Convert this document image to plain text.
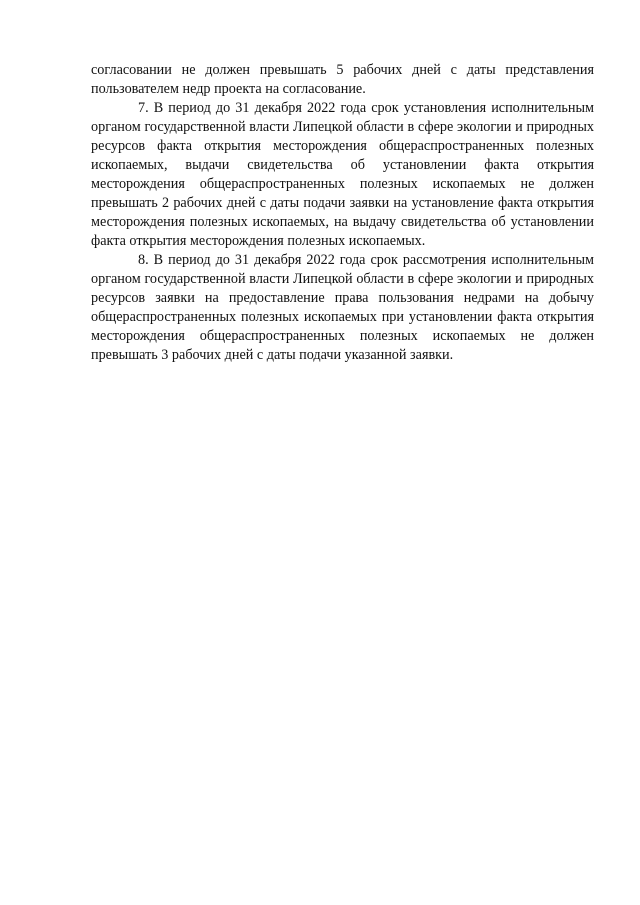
согласовании не должен превышать 5 рабочих дней с даты представления пользователем недр проекта на согласование.

7. В период до 31 декабря 2022 года срок установления исполнительным органом государственной власти Липецкой области в сфере экологии и природных ресурсов факта открытия месторождения общераспространенных полезных ископаемых, выдачи свидетельства об установлении факта открытия месторождения общераспространенных полезных ископаемых не должен превышать 2 рабочих дней с даты подачи заявки на установление факта открытия месторождения полезных ископаемых, на выдачу свидетельства об установлении факта открытия месторождения полезных ископаемых.

8. В период до 31 декабря 2022 года срок рассмотрения исполнительным органом государственной власти Липецкой области в сфере экологии и природных ресурсов заявки на предоставление права пользования недрами на добычу общераспространенных полезных ископаемых при установлении факта открытия месторождения общераспространенных полезных ископаемых не должен превышать 3 рабочих дней с даты подачи указанной заявки.
